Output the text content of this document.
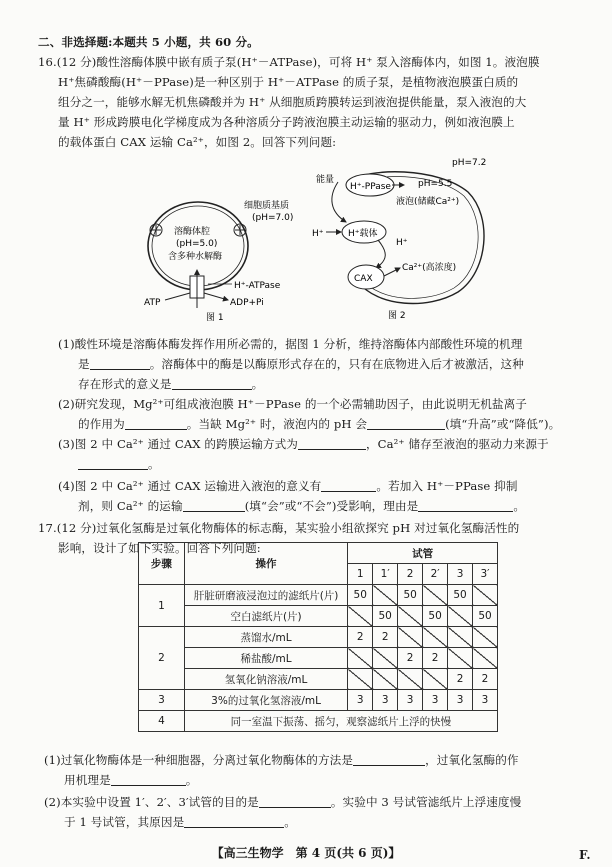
二、非选择题:本题共 5 小题，共 60 分。
16.(12 分)酸性溶酶体膜中嵌有质子泵(H⁺－ATPase)，可将 H⁺ 泵入溶酶体内，如图 1。液泡膜
H⁺焦磷酸酶(H⁺－PPase)是一种区别于 H⁺－ATPase 的质子泵，是植物液泡膜蛋白质的
组分之一，能够水解无机焦磷酸并为 H⁺ 从细胞质跨膜转运到液泡提供能量，泵入液泡的大
量 H⁺ 形成跨膜电化学梯度成为各种溶质分子跨液泡膜主动运输的驱动力，例如液泡膜上
的载体蛋白 CAX 运输 Ca²⁺，如图 2。回答下列问题:
溶酶体腔
(pH=5.0)
含多种水解酶
细胞质基质
(pH=7.0)
H⁺-ATPase
ATP	ADP+Pi
图 1
pH=7.2
能量
H⁺-PPase	pH=5.5
液泡(储藏Ca²⁺)
H⁺	H⁺载体
H⁺
CAX
Ca²⁺(高浓度)
图 2
(1)酸性环境是溶酶体酶发挥作用所必需的，据图 1 分析，维持溶酶体内部酸性环境的机理
是	。溶酶体中的酶是以酶原形式存在的，只有在底物进入后才被激活，这种
存在形式的意义是	。
(2)研究发现，Mg²⁺可组成液泡膜 H⁺－PPase 的一个必需辅助因子，由此说明无机盐离子
的作用为	。当缺 Mg²⁺ 时，液泡内的 pH 会	(填“升高”或“降低”)。
(3)图 2 中 Ca²⁺ 通过 CAX 的跨膜运输方式为	，Ca²⁺ 储存至液泡的驱动力来源于
。
(4)图 2 中 Ca²⁺ 通过 CAX 运输进入液泡的意义有	。若加入 H⁺－PPase 抑制
剂，则 Ca²⁺ 的运输	(填“会”或“不会”)受影响，理由是	。
17.(12 分)过氧化氢酶是过氧化物酶体的标志酶，某实验小组欲探究 pH 对过氧化氢酶活性的
影响，设计了如下实验。回答下列问题:
步骤	操作	试管					
		1	1′	2	2′	3	3′
1	肝脏研磨液浸泡过的滤纸片(片)	50		50		50	
	空白滤纸片(片)		50		50		50
2	蒸馏水/mL	2	2				
	稀盐酸/mL			2	2		
	氢氧化钠溶液/mL					2	2
3	3%的过氧化氢溶液/mL	3	3	3	3	3	3
4	同一室温下振荡、摇匀，观察滤纸片上浮的快慢						
(1)过氧化物酶体是一种细胞器，分离过氧化物酶体的方法是	，过氧化氢酶的作
用机理是	。
(2)本实验中设置 1′、2′、3′试管的目的是	。实验中 3 号试管滤纸片上浮速度慢
于 1 号试管，其原因是	。
【高三生物学　第 4 页(共 6 页)】	F.
